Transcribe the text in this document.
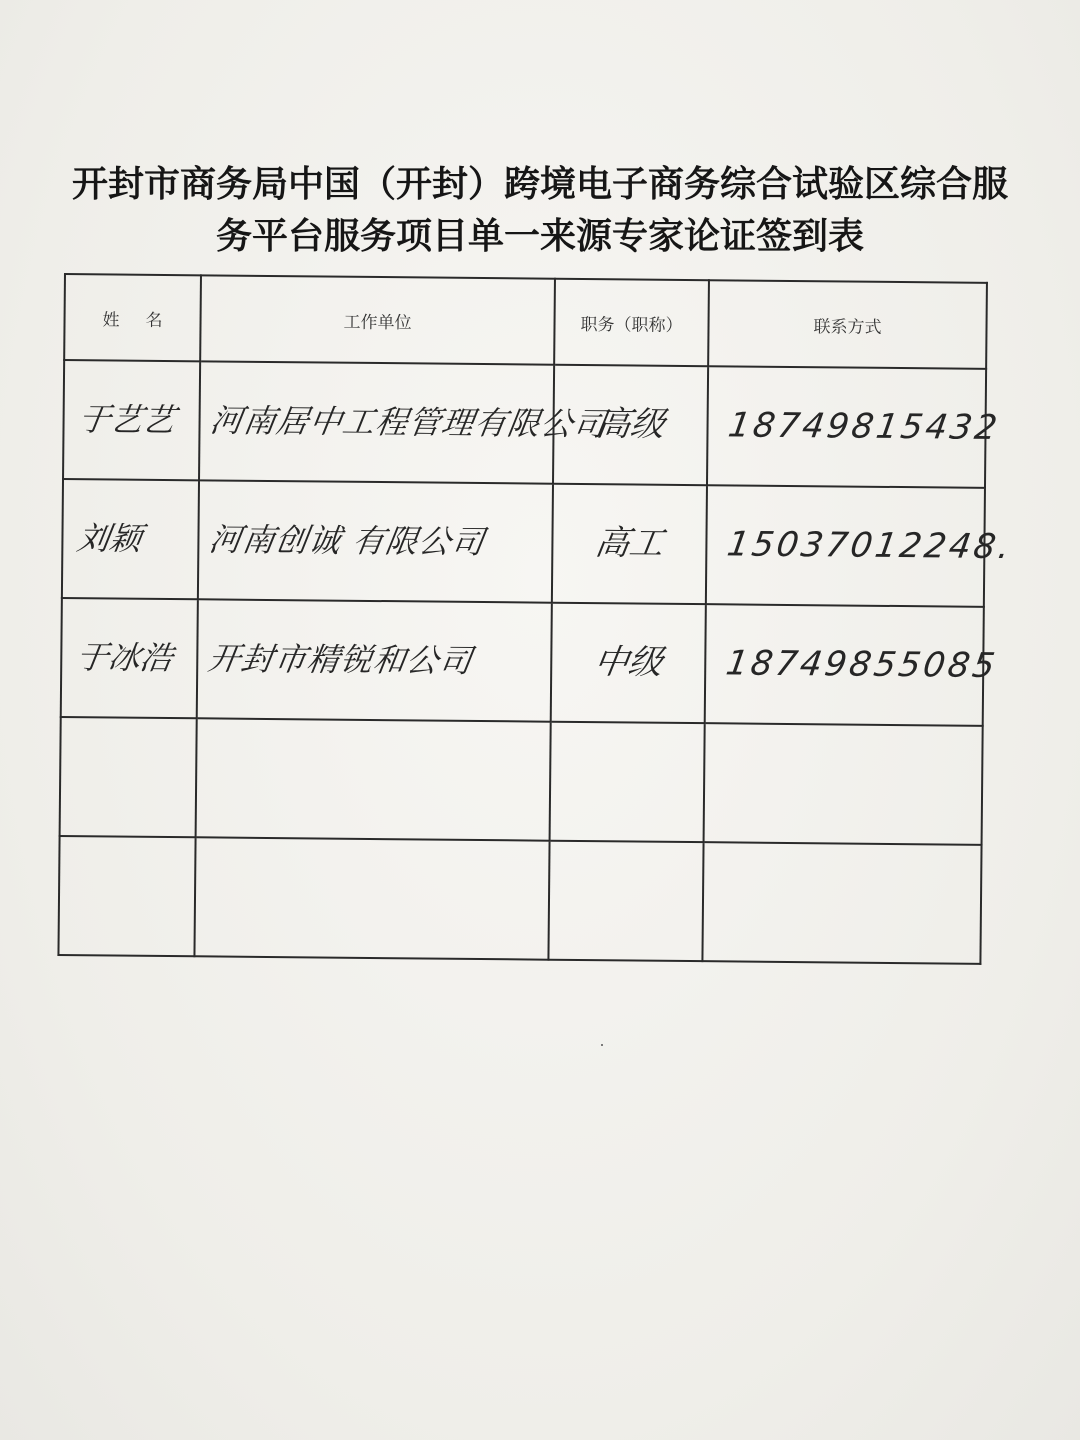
开封市商务局中国（开封）跨境电子商务综合试验区综合服
务平台服务项目单一来源专家论证签到表
姓名	工作单位	职务（职称）	联系方式

于艺艺	河南居中工程管理有限公司	高级	18749815432

刘颖	河南创诚 有限公司	高工	15037012248.

于冰浩	开封市精锐和公司	中级	18749855085
